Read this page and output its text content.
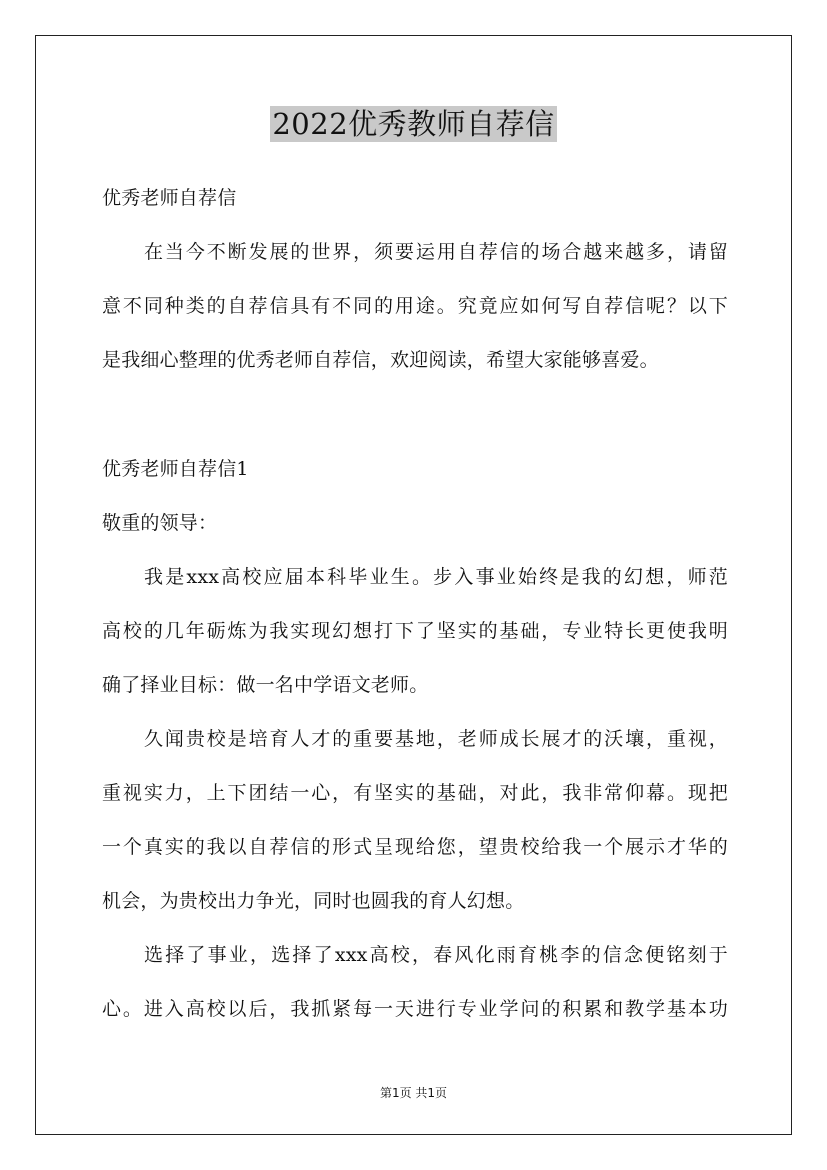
2022优秀教师自荐信
优秀老师自荐信
在当今不断发展的世界，须要运用自荐信的场合越来越多，请留
意不同种类的自荐信具有不同的用途。究竟应如何写自荐信呢？以下
是我细心整理的优秀老师自荐信，欢迎阅读，希望大家能够喜爱。
优秀老师自荐信1
敬重的领导：
我是xxx高校应届本科毕业生。步入事业始终是我的幻想，师范
高校的几年砺炼为我实现幻想打下了坚实的基础，专业特长更使我明
确了择业目标：做一名中学语文老师。
久闻贵校是培育人才的重要基地，老师成长展才的沃壤，重视，
重视实力，上下团结一心，有坚实的基础，对此，我非常仰幕。现把
一个真实的我以自荐信的形式呈现给您，望贵校给我一个展示才华的
机会，为贵校出力争光，同时也圆我的育人幻想。
选择了事业，选择了xxx高校，春风化雨育桃李的信念便铭刻于
心。进入高校以后，我抓紧每一天进行专业学问的积累和教学基本功
第1页 共1页
